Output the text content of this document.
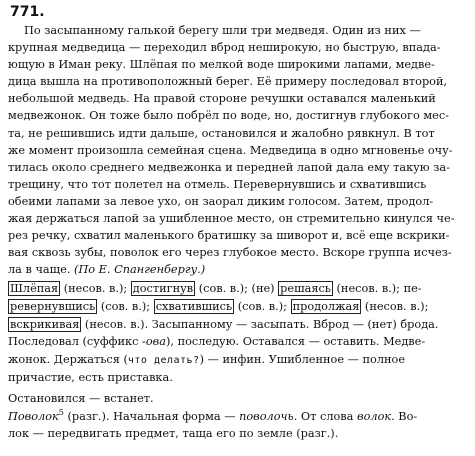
771.

По засыпанному галькой берегу шли три медведя. Один из них —

крупная медведица — переходил вброд неширокую, но быструю, впада-

ющую в Иман реку. Шлёпая по мелкой воде широкими лапами, медве-

дица вышла на противоположный берег. Её примеру последовал второй,

небольшой медведь. На правой стороне речушки оставался маленький

медвежонок. Он тоже было побрёл по воде, но, достигнув глубокого мес-

та, не решившись идти дальше, остановился и жалобно рявкнул. В тот

же момент произошла семейная сцена. Медведица в одно мгновенье очу-

тилась около среднего медвежонка и передней лапой дала ему такую за-

трещину, что тот полетел на отмель. Перевернувшись и схватившись

обеими лапами за левое ухо, он заорал диким голосом. Затем, продол-

жая держаться лапой за ушибленное место, он стремительно кинулся че-

рез речку, схватил маленького братишку за шиворот и, всё еще вскрики-

вая сквозь зубы, поволок его через глубокое место. Вскоре группа исчез-

ла в чаще. (По Е. Спангенбергу.)

Шлёпая (несов. в.); достигнув (сов. в.); (не) решаясь (несов. в.); пе-

ревернувшись (сов. в.); схватившись (сов. в.); продолжая (несов. в.);

вскрикивая (несов. в.). Засыпанному — засыпать. Вброд — (нет) брода.

Последовал (суффикс -ова), последую. Оставался — оставить. Медве-

жонок. Держаться (что делать?) — инфин. Ушибленное — полное

причастие, есть приставка.

Остановился — встанет.

Поволок$^5$ (разг.). Начальная форма — поволочь. От слова волок. Во-

лок — передвигать предмет, таща его по земле (разг.).
